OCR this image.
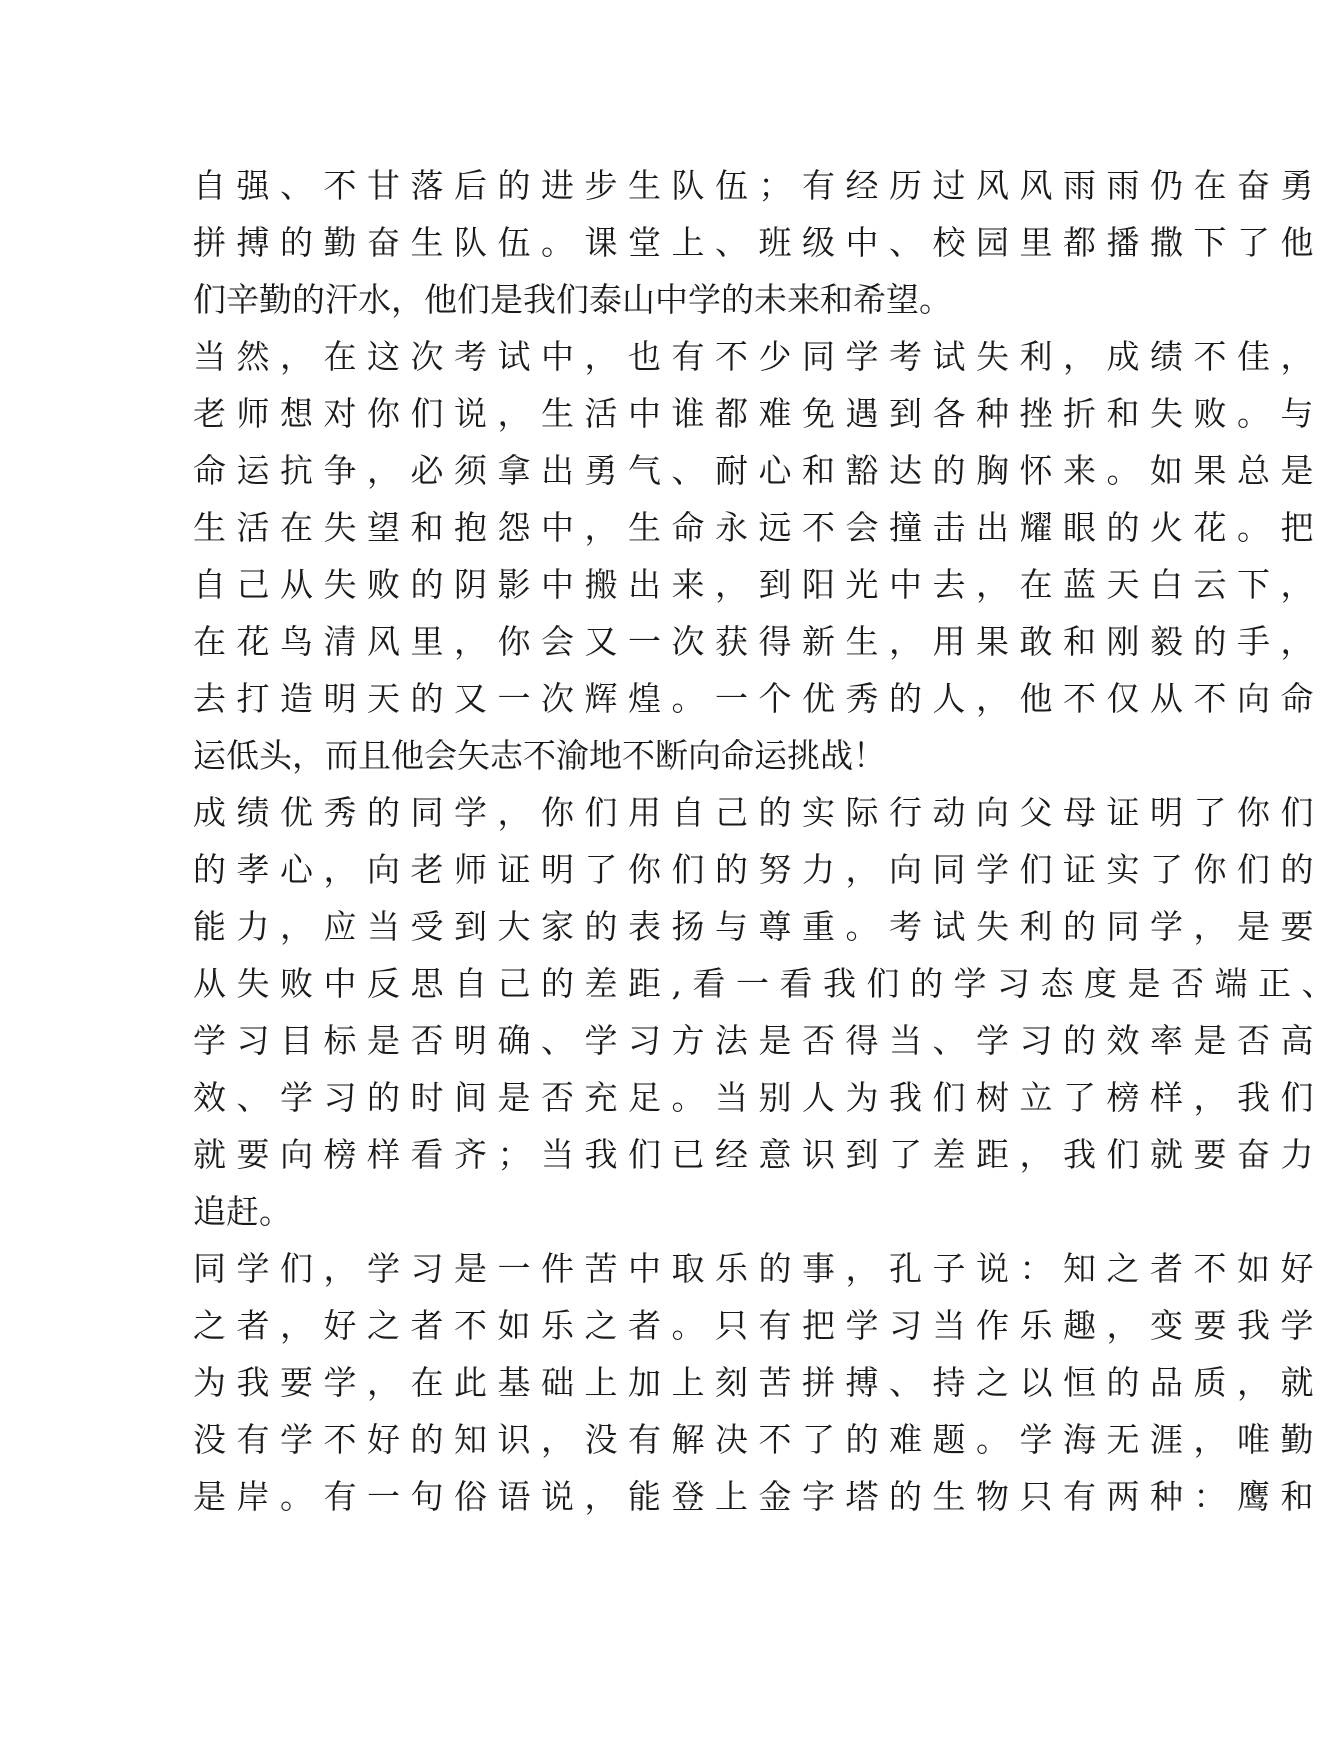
自 强 、 不 甘 落 后 的 进 步 生 队 伍 ； 有 经 历 过 风 风 雨 雨 仍 在 奋 勇
拼 搏 的 勤 奋 生 队 伍 。 课 堂 上 、 班 级 中 、 校 园 里 都 播 撒 下 了 他
们辛勤的汗水，他们是我们泰山中学的未来和希望。
当 然 ， 在 这 次 考 试 中 ， 也 有 不 少 同 学 考 试 失 利 ， 成 绩 不 佳 ，
老 师 想 对 你 们 说 ， 生 活 中 谁 都 难 免 遇 到 各 种 挫 折 和 失 败 。 与
命 运 抗 争 ， 必 须 拿 出 勇 气 、 耐 心 和 豁 达 的 胸 怀 来 。 如 果 总 是
生 活 在 失 望 和 抱 怨 中 ， 生 命 永 远 不 会 撞 击 出 耀 眼 的 火 花 。 把
自 己 从 失 败 的 阴 影 中 搬 出 来 ， 到 阳 光 中 去 ， 在 蓝 天 白 云 下 ，
在 花 鸟 清 风 里 ， 你 会 又 一 次 获 得 新 生 ， 用 果 敢 和 刚 毅 的 手 ，
去 打 造 明 天 的 又 一 次 辉 煌 。 一 个 优 秀 的 人 ， 他 不 仅 从 不 向 命
运低头，而且他会矢志不渝地不断向命运挑战！
成 绩 优 秀 的 同 学 ， 你 们 用 自 己 的 实 际 行 动 向 父 母 证 明 了 你 们
的 孝 心 ， 向 老 师 证 明 了 你 们 的 努 力 ， 向 同 学 们 证 实 了 你 们 的
能 力 ， 应 当 受 到 大 家 的 表 扬 与 尊 重 。 考 试 失 利 的 同 学 ， 是 要
从 失 败 中 反 思 自 己 的 差 距 , 看 一 看 我 们 的 学 习 态 度 是 否 端 正 、
学 习 目 标 是 否 明 确 、 学 习 方 法 是 否 得 当 、 学 习 的 效 率 是 否 高
效 、 学 习 的 时 间 是 否 充 足 。 当 别 人 为 我 们 树 立 了 榜 样 ， 我 们
就 要 向 榜 样 看 齐 ； 当 我 们 已 经 意 识 到 了 差 距 ， 我 们 就 要 奋 力
追赶。
同 学 们 ， 学 习 是 一 件 苦 中 取 乐 的 事 ， 孔 子 说 ： 知 之 者 不 如 好
之 者 ， 好 之 者 不 如 乐 之 者 。 只 有 把 学 习 当 作 乐 趣 ， 变 要 我 学
为 我 要 学 ， 在 此 基 础 上 加 上 刻 苦 拼 搏 、 持 之 以 恒 的 品 质 ， 就
没 有 学 不 好 的 知 识 ， 没 有 解 决 不 了 的 难 题 。 学 海 无 涯 ， 唯 勤
是 岸 。 有 一 句 俗 语 说 ， 能 登 上 金 字 塔 的 生 物 只 有 两 种 ： 鹰 和
